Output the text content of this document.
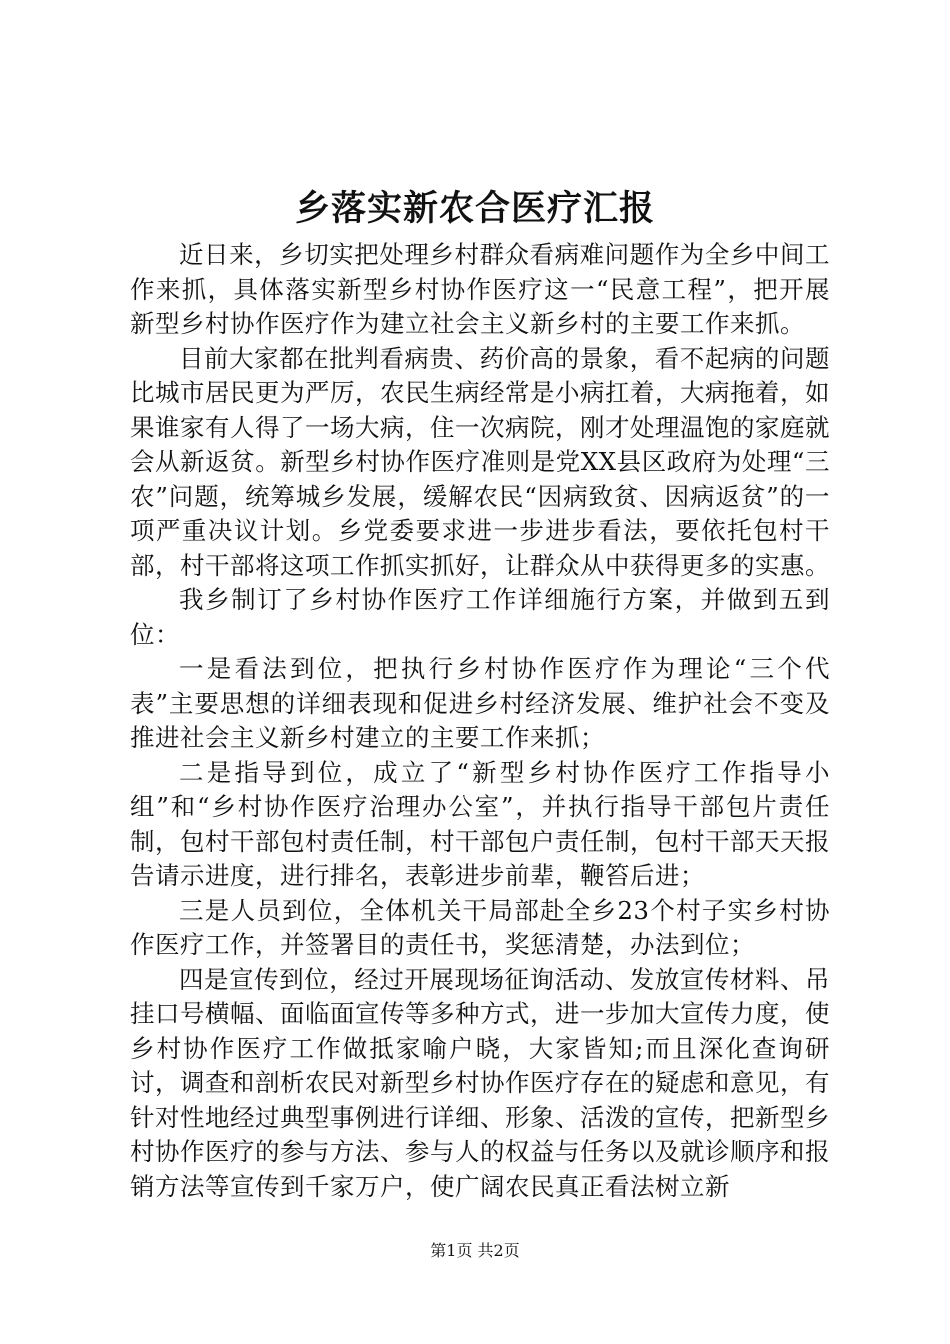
乡落实新农合医疗汇报

近日来，乡切实把处理乡村群众看病难问题作为全乡中间工作来抓，具体落实新型乡村协作医疗这一“民意工程”，把开展新型乡村协作医疗作为建立社会主义新乡村的主要工作来抓。

目前大家都在批判看病贵、药价高的景象，看不起病的问题比城市居民更为严厉，农民生病经常是小病扛着，大病拖着，如果谁家有人得了一场大病，住一次病院，刚才处理温饱的家庭就会从新返贫。新型乡村协作医疗准则是党XX县区政府为处理“三农”问题，统筹城乡发展，缓解农民“因病致贫、因病返贫”的一项严重决议计划。乡党委要求进一步进步看法，要依托包村干部，村干部将这项工作抓实抓好，让群众从中获得更多的实惠。

我乡制订了乡村协作医疗工作详细施行方案，并做到五到位：

一是看法到位，把执行乡村协作医疗作为理论“三个代表”主要思想的详细表现和促进乡村经济发展、维护社会不变及推进社会主义新乡村建立的主要工作来抓；

二是指导到位，成立了“新型乡村协作医疗工作指导小组”和“乡村协作医疗治理办公室”，并执行指导干部包片责任制，包村干部包村责任制，村干部包户责任制，包村干部天天报告请示进度，进行排名，表彰进步前辈，鞭笞后进；

三是人员到位，全体机关干局部赴全乡23个村子实乡村协作医疗工作，并签署目的责任书，奖惩清楚，办法到位；

四是宣传到位，经过开展现场征询活动、发放宣传材料、吊挂口号横幅、面临面宣传等多种方式，进一步加大宣传力度，使乡村协作医疗工作做抵家喻户晓，大家皆知;而且深化查询研讨，调查和剖析农民对新型乡村协作医疗存在的疑虑和意见，有针对性地经过典型事例进行详细、形象、活泼的宣传，把新型乡村协作医疗的参与方法、参与人的权益与任务以及就诊顺序和报销方法等宣传到千家万户，使广阔农民真正看法树立新

第1页 共2页
